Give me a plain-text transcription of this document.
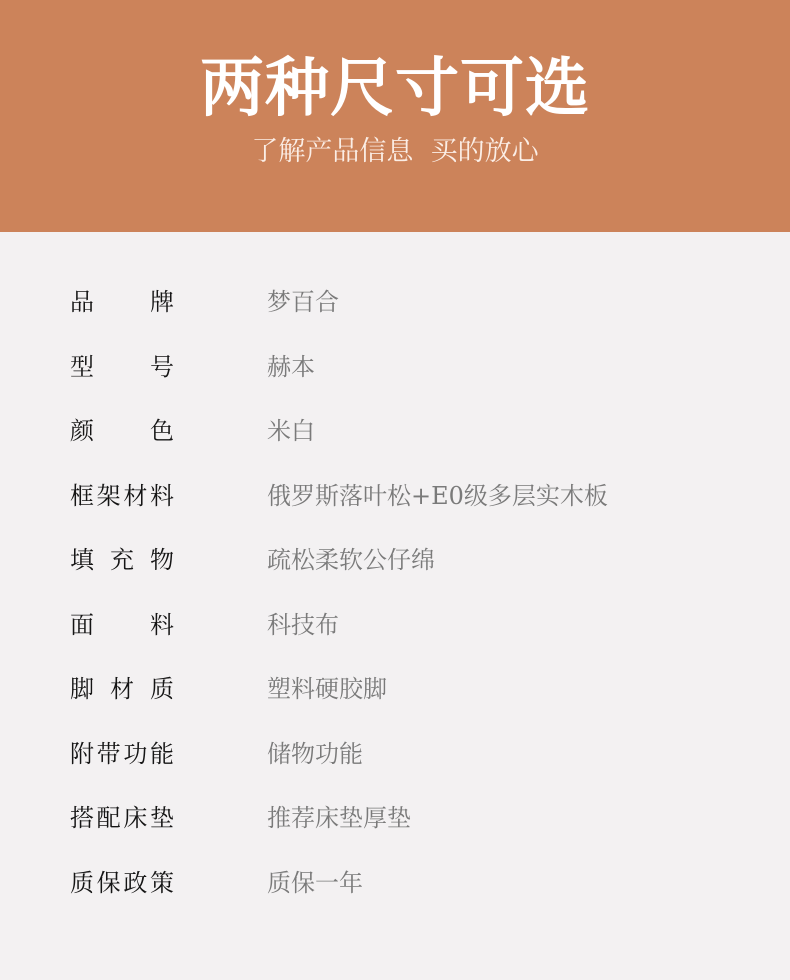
两种尺寸可选
了解产品信息  买的放心
品 牌	梦百合
型 号	赫本
颜 色	米白
框 架 材 料	俄罗斯落叶松+E0级多层实木板
填 充 物	疏松柔软公仔绵
面 料	科技布
脚 材 质	塑料硬胶脚
附 带 功 能	储物功能
搭 配 床 垫	推荐床垫厚垫
质 保 政 策	质保一年
